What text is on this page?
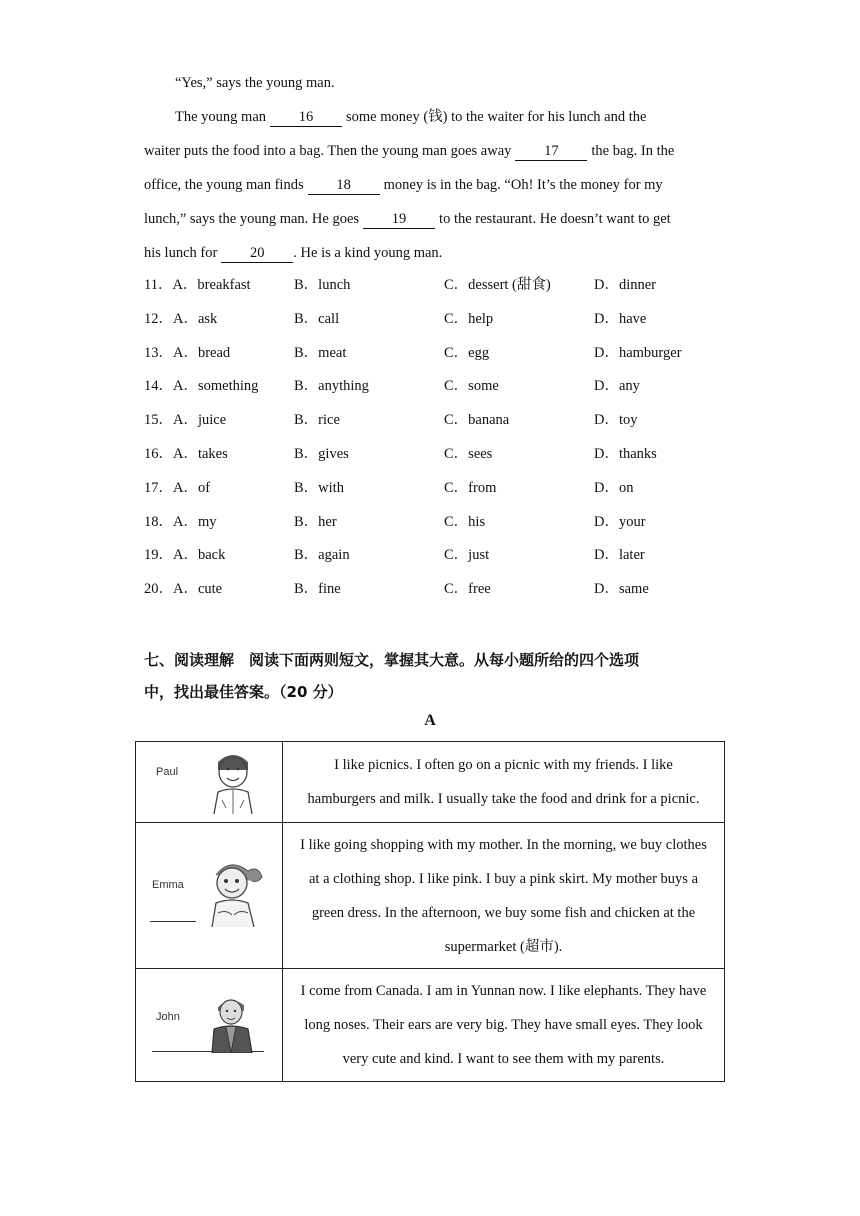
“Yes,” says the young man.
The young man 16 some money (钱) to the waiter for his lunch and the
waiter puts the food into a bag. Then the young man goes away 17 the bag. In the
office, the young man finds 18 money is in the bag. “Oh! It’s the money for my
lunch,” says the young man. He goes 19 to the restaurant. He doesn’t want to get
his lunch for 20 . He is a kind young man.
11．A．breakfast	B．lunch	C．dessert (甜食)	D．dinner
12．A．ask	B．call	C．help	D．have
13．A．bread	B．meat	C．egg	D．hamburger
14．A．something B．anything	C．some	D．any
15．A．juice	B．rice	C．banana	D．toy
16．A．takes	B．gives	C．sees	D．thanks
17．A．of	B．with	C．from	D．on
18．A．my	B．her	C．his	D．your
19．A．back	B．again	C．just	D．later
20．A．cute	B．fine	C．free	D．same
七、阅读理解　阅读下面两则短文，掌握其大意。从每小题所给的四个选项
中，找出最佳答案。（20 分）
A
Paul	I like picnics. I often go on a picnic with my friends. I like
hamburgers and milk. I usually take the food and drink for a picnic.

Emma	I like going shopping with my mother. In the morning, we buy clothes
at a clothing shop. I like pink. I buy a pink skirt. My mother buys a
green dress. In the afternoon, we buy some fish and chicken at the
supermarket (超市).

John	I come from Canada. I am in Yunnan now. I like elephants. They have
long noses. Their ears are very big. They have small eyes. They look
very cute and kind. I want to see them with my parents.
